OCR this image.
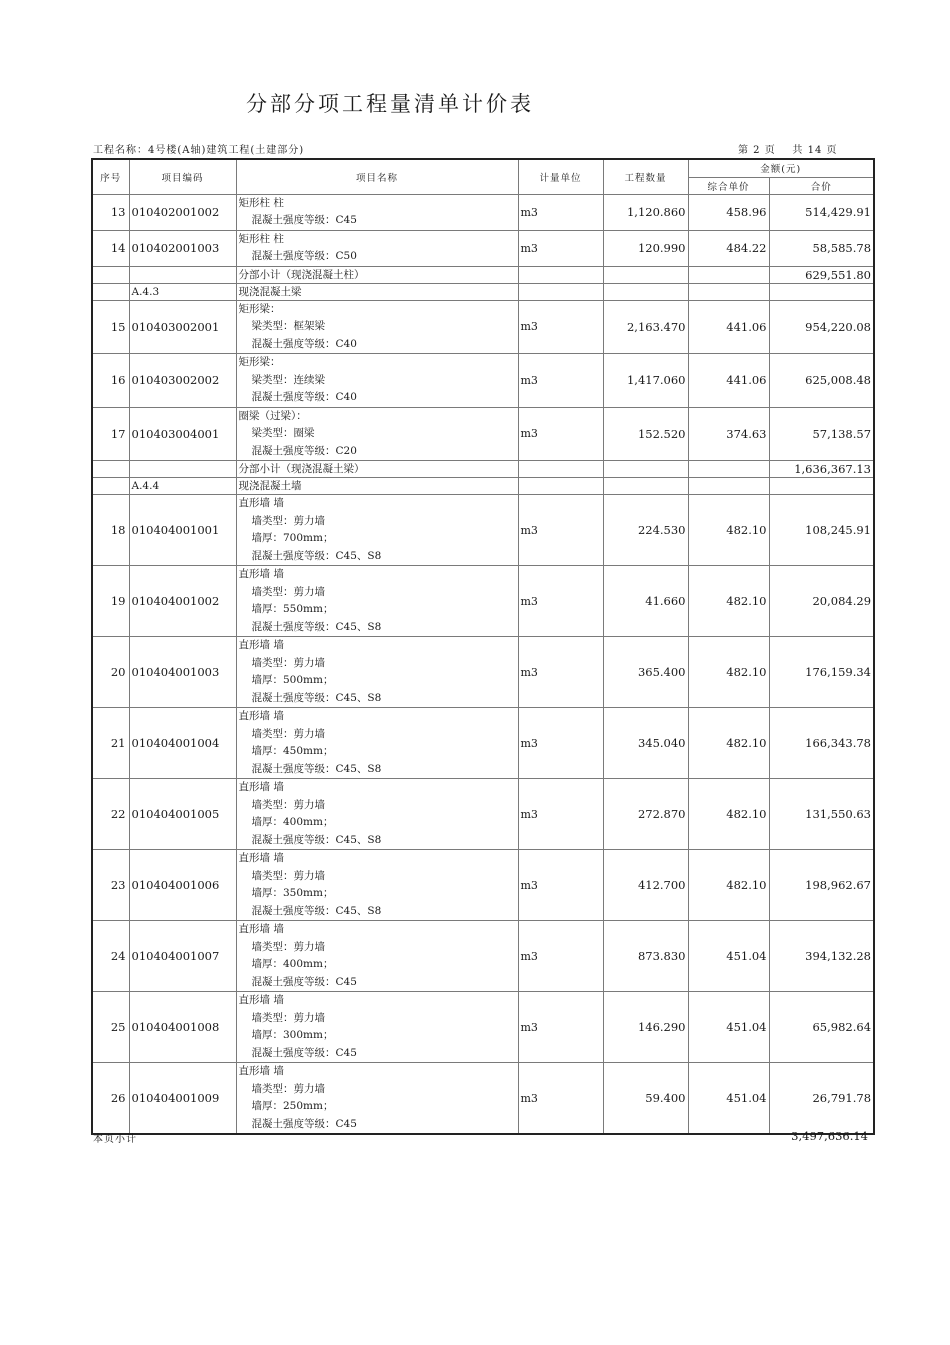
分部分项工程量清单计价表
工程名称：4号楼(A轴)建筑工程(土建部分)	第 2 页    共 14 页
序号	项目编码	项目名称	计量单位	工程数量	金额(元)	
					综合单价	合价
13	010402001002	矩形柱 柱
混凝土强度等级：C45	m3	1,120.860	458.96	514,429.91
14	010402001003	矩形柱 柱
混凝土强度等级：C50	m3	120.990	484.22	58,585.78
		分部小计（现浇混凝土柱）				629,551.80
	A.4.3	现浇混凝土梁				
15	010403002001	矩形梁：
梁类型：框架梁
混凝土强度等级：C40	m3	2,163.470	441.06	954,220.08
16	010403002002	矩形梁：
梁类型：连续梁
混凝土强度等级：C40	m3	1,417.060	441.06	625,008.48
17	010403004001	圈梁（过梁）：
梁类型：圈梁
混凝土强度等级：C20	m3	152.520	374.63	57,138.57
		分部小计（现浇混凝土梁）				1,636,367.13
	A.4.4	现浇混凝土墙				
18	010404001001	直形墙 墙
墙类型：剪力墙
墙厚：700mm；
混凝土强度等级：C45、S8	m3	224.530	482.10	108,245.91
19	010404001002	直形墙 墙
墙类型：剪力墙
墙厚：550mm；
混凝土强度等级：C45、S8	m3	41.660	482.10	20,084.29
20	010404001003	直形墙 墙
墙类型：剪力墙
墙厚：500mm；
混凝土强度等级：C45、S8	m3	365.400	482.10	176,159.34
21	010404001004	直形墙 墙
墙类型：剪力墙
墙厚：450mm；
混凝土强度等级：C45、S8	m3	345.040	482.10	166,343.78
22	010404001005	直形墙 墙
墙类型：剪力墙
墙厚：400mm；
混凝土强度等级：C45、S8	m3	272.870	482.10	131,550.63
23	010404001006	直形墙 墙
墙类型：剪力墙
墙厚：350mm；
混凝土强度等级：C45、S8	m3	412.700	482.10	198,962.67
24	010404001007	直形墙 墙
墙类型：剪力墙
墙厚：400mm；
混凝土强度等级：C45	m3	873.830	451.04	394,132.28
25	010404001008	直形墙 墙
墙类型：剪力墙
墙厚：300mm；
混凝土强度等级：C45	m3	146.290	451.04	65,982.64
26	010404001009	直形墙 墙
墙类型：剪力墙
墙厚：250mm；
混凝土强度等级：C45	m3	59.400	451.04	26,791.78
本页小计	3,497,636.14
